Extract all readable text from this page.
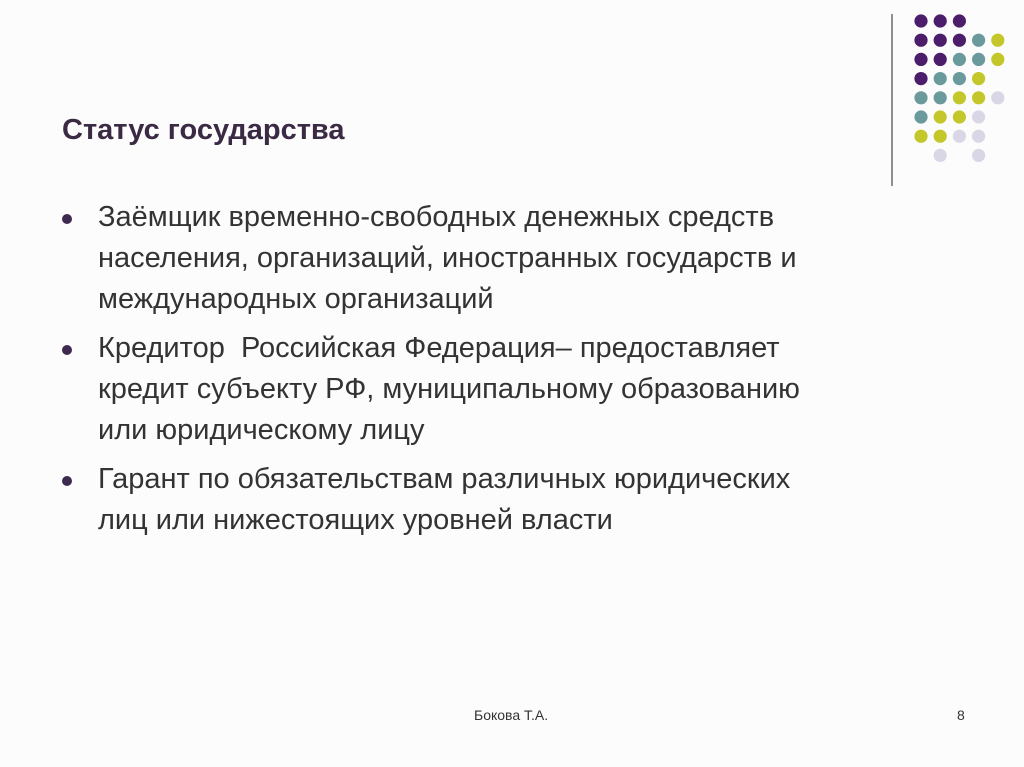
Статус государства
Заёмщик временно-свободных денежных средств
населения, организаций, иностранных государств и
международных организаций
Кредитор  Российская Федерация– предоставляет
кредит субъекту РФ, муниципальному образованию
или юридическому лицу
Гарант по обязательствам различных юридических
лиц или нижестоящих уровней власти
Бокова Т.А.	8
